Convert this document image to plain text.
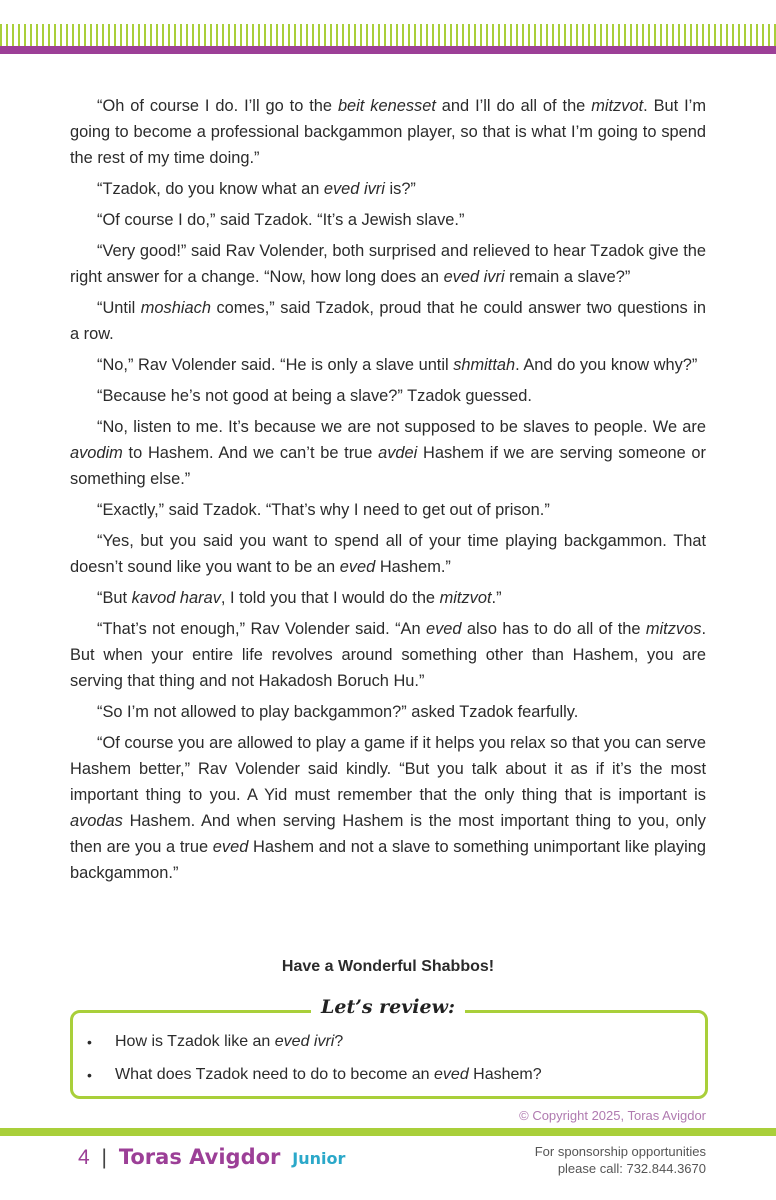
“Oh of course I do. I’ll go to the beit kenesset and I’ll do all of the mitzvot. But I’m going to become a professional backgammon player, so that is what I’m going to spend the rest of my time doing.”

“Tzadok, do you know what an eved ivri is?”

“Of course I do,” said Tzadok. “It’s a Jewish slave.”

“Very good!” said Rav Volender, both surprised and relieved to hear Tzadok give the right answer for a change. “Now, how long does an eved ivri remain a slave?”

“Until moshiach comes,” said Tzadok, proud that he could answer two questions in a row.

“No,” Rav Volender said. “He is only a slave until shmittah. And do you know why?”

“Because he’s not good at being a slave?” Tzadok guessed.

“No, listen to me. It’s because we are not supposed to be slaves to people. We are avodim to Hashem. And we can’t be true avdei Hashem if we are serving someone or something else.”

“Exactly,” said Tzadok. “That’s why I need to get out of prison.”

“Yes, but you said you want to spend all of your time playing backgammon. That doesn’t sound like you want to be an eved Hashem.”

“But kavod harav, I told you that I would do the mitzvot.”

“That’s not enough,” Rav Volender said. “An eved also has to do all of the mitzvos. But when your entire life revolves around something other than Hashem, you are serving that thing and not Hakadosh Boruch Hu.”

“So I’m not allowed to play backgammon?” asked Tzadok fearfully.

“Of course you are allowed to play a game if it helps you relax so that you can serve Hashem better,” Rav Volender said kindly. “But you talk about it as if it’s the most important thing to you. A Yid must remember that the only thing that is important is avodas Hashem. And when serving Hashem is the most important thing to you, only then are you a true eved Hashem and not a slave to something unimportant like playing backgammon.”

Have a Wonderful Shabbos!
• How is Tzadok like an eved ivri?
• What does Tzadok need to do to become an eved Hashem?
Let’s review:
© Copyright 2025, Toras Avigdor
4 | Toras Avigdor Junior	For sponsorship opportunities
please call: 732.844.3670
